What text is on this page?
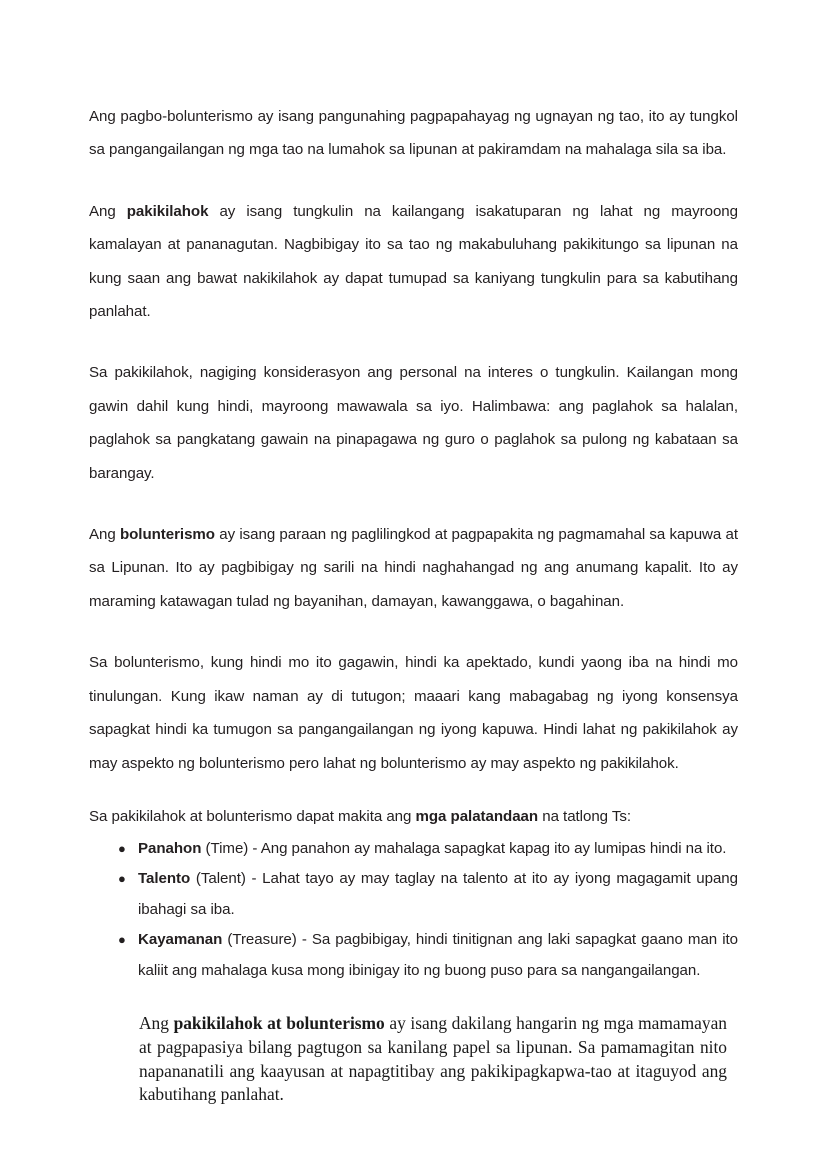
Ang pagbo-bolunterismo ay isang pangunahing pagpapahayag ng ugnayan ng tao, ito ay tungkol sa pangangailangan ng mga tao na lumahok sa lipunan at pakiramdam na mahalaga sila sa iba.

Ang pakikilahok ay isang tungkulin na kailangang isakatuparan ng lahat ng mayroong kamalayan at pananagutan. Nagbibigay ito sa tao ng makabuluhang pakikitungo sa lipunan na kung saan ang bawat nakikilahok ay dapat tumupad sa kaniyang tungkulin para sa kabutihang panlahat.

Sa pakikilahok, nagiging konsiderasyon ang personal na interes o tungkulin. Kailangan mong gawin dahil kung hindi, mayroong mawawala sa iyo. Halimbawa: ang paglahok sa halalan, paglahok sa pangkatang gawain na pinapagawa ng guro o paglahok sa pulong ng kabataan sa barangay.

Ang bolunterismo ay isang paraan ng paglilingkod at pagpapakita ng pagmamahal sa kapuwa at sa Lipunan. Ito ay pagbibigay ng sarili na hindi naghahangad ng ang anumang kapalit. Ito ay maraming katawagan tulad ng bayanihan, damayan, kawanggawa, o bagahinan.

Sa bolunterismo, kung hindi mo ito gagawin, hindi ka apektado, kundi yaong iba na hindi mo tinulungan. Kung ikaw naman ay di tutugon; maaari kang mabagabag ng iyong konsensya sapagkat hindi ka tumugon sa pangangailangan ng iyong kapuwa. Hindi lahat ng pakikilahok ay may aspekto ng bolunterismo pero lahat ng bolunterismo ay may aspekto ng pakikilahok.

Sa pakikilahok at bolunterismo dapat makita ang mga palatandaan na tatlong Ts:

● Panahon (Time) - Ang panahon ay mahalaga sapagkat kapag ito ay lumipas hindi na ito.
● Talento (Talent) - Lahat tayo ay may taglay na talento at ito ay iyong magagamit upang ibahagi sa iba.
● Kayamanan (Treasure) - Sa pagbibigay, hindi tinitignan ang laki sapagkat gaano man ito kaliit ang mahalaga kusa mong ibinigay ito ng buong puso para sa nangangailangan.

Ang pakikilahok at bolunterismo ay isang dakilang hangarin ng mga mamamayan at pagpapasiya bilang pagtugon sa kanilang papel sa lipunan. Sa pamamagitan nito napananatili ang kaayusan at napagtitibay ang pakikipagkapwa-tao at itaguyod ang kabutihang panlahat.
